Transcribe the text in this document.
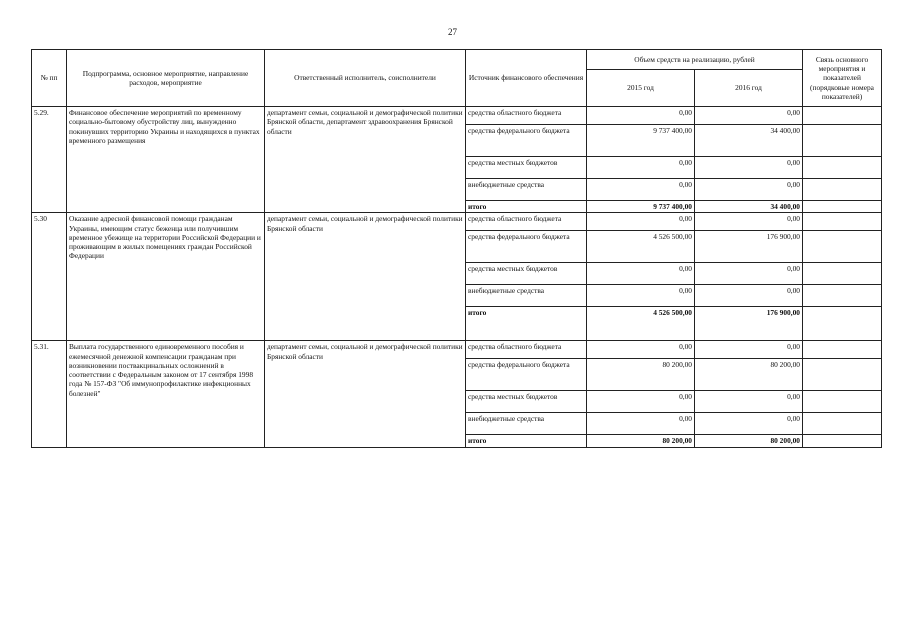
27
№ пп	Подпрограмма, основное мероприятие, направление расходов, мероприятие	Ответственный исполнитель, соисполнители	Источник финансового обеспечения	Объем средств на реализацию, рублей		Связь основного мероприятия и показателей (порядковые номера показателей)
				2015 год	2016 год	
5.29.	Финансовое обеспечение мероприятий по временному социально-бытовому обустройству лиц, вынужденно покинувших территорию Украины и находящихся в пунктах временного размещения	департамент семьи, социальной и демографической политики Брянской области, департамент здравоохранения Брянской области	средства областного бюджета	0,00	0,00	
			средства федерального бюджета	9 737 400,00	34 400,00	
			средства местных бюджетов	0,00	0,00	
			внебюджетные средства	0,00	0,00	
			итого	9 737 400,00	34 400,00	
5.30	Оказание адресной финансовой помощи гражданам Украины, имеющим статус беженца или получившим временное убежище на территории Российской Федерации и проживающим в жилых помещениях граждан Российской Федерации	департамент семьи, социальной и демографической политики Брянской области	средства областного бюджета	0,00	0,00	
			средства федерального бюджета	4 526 500,00	176 900,00	
			средства местных бюджетов	0,00	0,00	
			внебюджетные средства	0,00	0,00	
			итого	4 526 500,00	176 900,00	
5.31.	Выплата государственного единовременного пособия и ежемесячной денежной компенсации гражданам при возникновении поствакцинальных осложнений в соответствии с Федеральным законом от 17 сентября 1998 года № 157-ФЗ "Об иммунопрофилактике инфекционных болезней"	департамент семьи, социальной и демографической политики Брянской области	средства областного бюджета	0,00	0,00	
			средства федерального бюджета	80 200,00	80 200,00	
			средства местных бюджетов	0,00	0,00	
			внебюджетные средства	0,00	0,00	
			итого	80 200,00	80 200,00	
